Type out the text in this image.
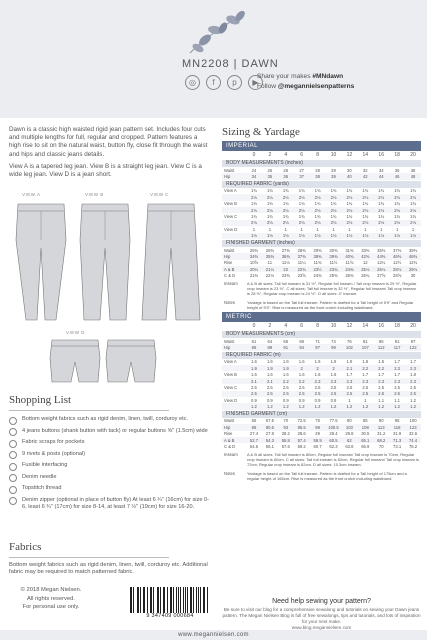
MN2208 | DAWN
◎	f	p	▶
Share your makes #MNdawn
Follow @megannielsenpatterns

Dawn is a classic high waisted rigid jean pattern set. Includes four cuts and multiple lengths for full, regular and cropped. Pattern features a high rise to sit on the natural waist, button fly, close fit through the waist and hips and classic jeans details.

View A is a tapered leg jean. View B is a straight leg jean. View C is a wide leg jean. View D is a jean short.

VIEW A	VIEW B	VIEW C
VIEW D
Shopping List
Bottom weight fabrics such as rigid denim, linen, twill, corduroy etc.
4 jeans buttons (shank button with tack) or regular buttons ⅝" (1.5cm) wide
Fabric scraps for pockets
9 rivets & posts (optional)
Fusible interfacing
Denim needle
Topstitch thread
Denim zipper (optional in place of button fly) At least 6 ¼" (16cm) for size 0-6, least 6 ¾" (17cm) for size 8-14, at least 7 ½" (19cm) for size 16-20.
Fabrics

Bottom weight fabrics such as rigid denim, linen, twill, corduroy etc. Additional fabric may be required to match patterned fabric.

© 2018 Megan Nielsen.
All rights reserved.
For personal use only.
9 347409 000684
Sizing & Yardage
IMPERIAL
	0	2	4	6	8	10	12	14	16	18	20
BODY MEASUREMENTS (inches)
Waist	24	25	26	27	28	29	30	32	34	36	38
Hip	34	35	36	37	38	39	40	42	44	46	48
REQUIRED FABRIC (yards)
View A	1¾	1¾	1¾	1¾	1¾	1¾	1¾	1¾	1¾	1¾	1¾
	2⅛	2⅛	2⅛	2⅛	2⅛	2⅛	2⅛	2⅛	2⅛	2⅛	2⅛
View B	1¾	1¾	1¾	1¾	1¾	1¾	1¾	1¾	1¾	1¾	1¾
	2⅛	2⅛	2⅛	2⅛	2⅛	2⅛	2⅛	2⅛	2⅛	2⅛	2⅛
View C	1¾	1¾	1¾	1¾	1¾	1¾	1¾	1¾	1¾	1¾	1¾
	2⅛	2⅛	2⅛	2⅛	2⅛	2⅛	2⅛	2⅛	2⅛	2⅛	2⅛
View D	1	1	1	1	1	1	1	1	1	1	1
	1⅛	1⅛	1⅛	1⅛	1⅛	1⅛	1⅛	1⅛	1⅛	1⅛	1⅛
FINISHED GARMENT (inches)
Waist	25⅜	26⅜	27⅜	28⅜	29⅜	30⅜	31⅜	33⅜	35⅜	37⅜	39⅜
Hip	34⅜	35⅜	36⅜	37⅜	38⅜	39⅜	40⅜	42⅜	44⅜	46⅜	48⅜
Rise	10⅝	11	11⅛	11¼	11⅜	11½	11⅝	12	12¼	12½	12¾
A & B	20¼	21¼	22	22¾	23½	23¾	24⅜	25⅛	26⅛	28⅛	29⅛
C & D	21⅜	22⅛	23⅜	23⅝	24⅜	25⅜	26⅜	26¾	27⅝	28⅝	30
Inseam A & B all sizes: Tall full inseam is 31 ½", Regular full inseam / Tall crop inseam is 29 ½", Regular crop inseam is 23 ½". C all sizes: Tall full inseam is 32 ½", Regular full inseam/ Tall crop inseam is 28 ½", Regular crop inseam is 24 ½". D all sizes: 4" inseam.
Notes	Yardage is based on the Tall full inseam. Pattern is drafted for a Tall height of 5'9" and Regular height of 5'5". Rise is measured as the front crotch including waistband.
METRIC
	0	2	4	6	8	10	12	14	16	18	20
BODY MEASUREMENTS (cm)
Waist	61	64	66	69	71	74	76	81	86	91	97
Hip	86	89	91	94	97	99	102	107	112	117	122
REQUIRED FABRIC (m)
View A	1.6	1.6	1.6	1.6	1.6	1.6	1.6	1.6	1.6	1.7	1.7
	1.9	1.9	1.9	2	2	2	2.1	2.2	2.2	2.3	2.3
View B	1.6	1.6	1.6	1.6	1.6	1.6	1.7	1.7	1.7	1.7	1.8
	2.1	2.1	2.2	2.2	2.3	2.3	2.3	2.3	2.3	2.3	2.3
View C	2.5	2.5	2.5	2.5	2.5	2.5	2.5	2.5	2.5	2.5	2.5
	2.5	2.5	2.5	2.5	2.5	2.5	2.5	2.5	2.5	2.5	2.5
View D	0.9	0.9	0.9	0.9	0.9	0.9	1	1	1.1	1.1	1.2
	1.2	1.2	1.2	1.2	1.2	1.2	1.2	1.2	1.2	1.2	1.2
FINISHED GARMENT (cm)
Waist	65	67.5	70	72.5	75	77.5	80	85	90	95	100
Hip	88	90.5	93	95.5	98	100.5	103	108	113	118	123
Rise	27.4	27.8	28.2	28.6	29	29.4	29.8	30.5	31.2	31.9	32.6
A & B	52.7	54.3	55.8	57.4	58.9	60.5	62	65.1	68.2	71.3	74.4
C & D	54.5	56.1	57.6	59.2	60.7	62.3	63.8	66.9	70	73.1	76.2
Inseam A & B all sizes: Tall full inseam is 80cm, Regular full inseam/ Tall crop inseam is 70cm, Regular crop inseam is 60cm. C all sizes: Tall full inseam is 82cm, Regular full inseam/ Tall crop inseam is 72cm, Regular crop inseam is 62cm. D all sizes: 10.3cm inseam.
Notes	Yardage is based on the Tall full inseam. Pattern is drafted for a Tall height of 175cm and a regular height of 165cm. Rise is measured as the front crotch including waistband.
Need help sewing your pattern?
Be sure to visit our blog for a comprehensive sewalong and tutorials on sewing your Dawn jeans pattern. The Megan Nielsen Blog is full of free sewalongs, tips and tutorials, and lots of inspiration for your next make.
www.blog.megannielsen.com
www.megannielsen.com
